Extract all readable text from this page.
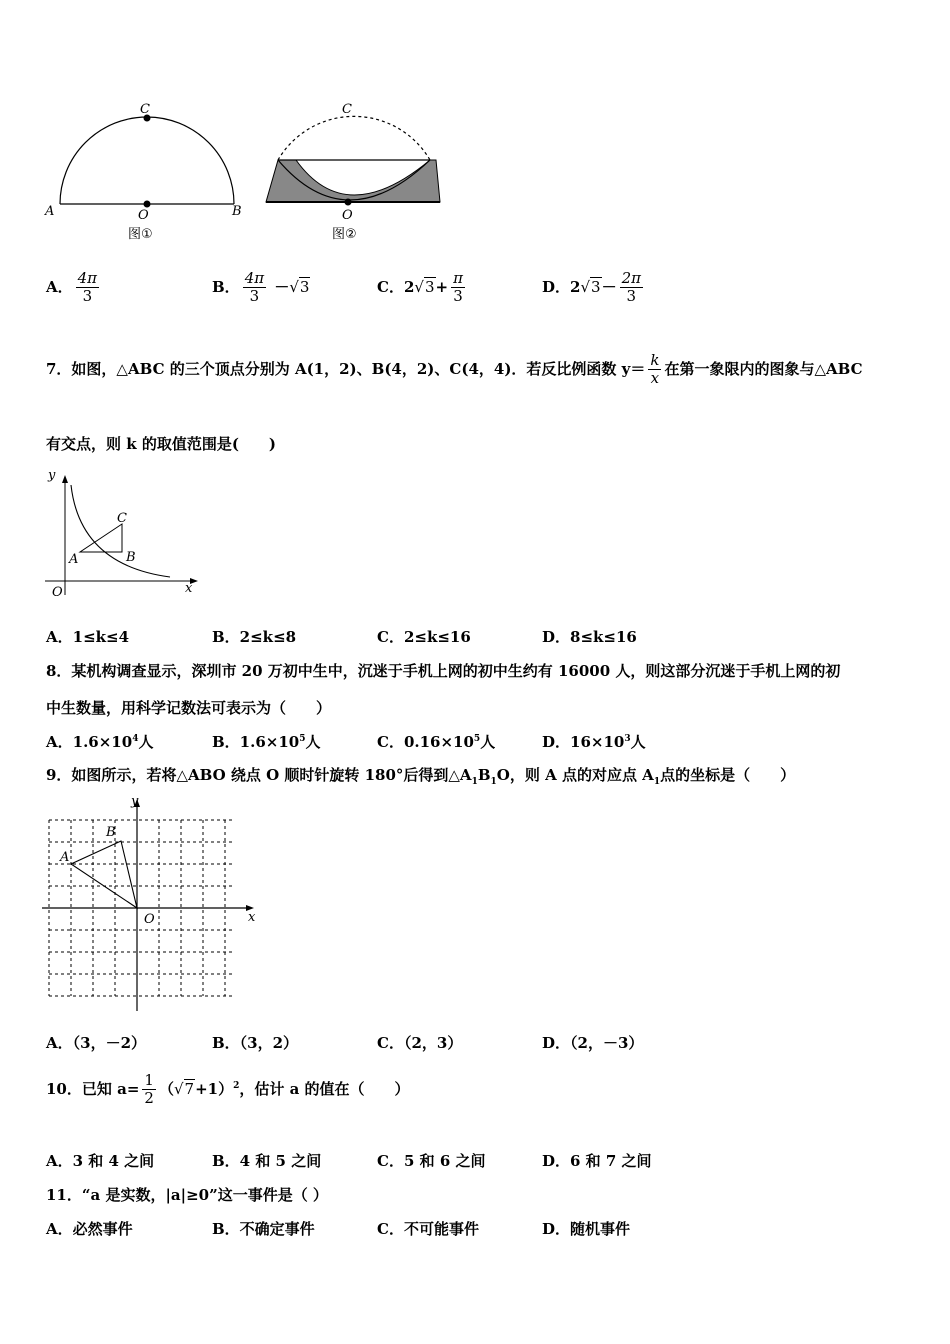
C
A	O	B
图①
C
O
图②
A． $\frac{4\pi}{3}$	B． $\frac{4\pi}{3} -√3$	C．$2√3+ \frac{\pi}{3}$	D．$2√3- \frac{2\pi}{3}$
7．如图，△ABC 的三个顶点分别为 A(1，2)、B(4，2)、C(4，4)．若反比例函数 $y= \frac{k}{x}$ 在第一象限内的图象与△ABC
有交点，则 k 的取值范围是(　　)
y
x
O
A	B
C
A．1≤k≤4	B．2≤k≤8	C．2≤k≤16	D．8≤k≤16
8．某机构调查显示，深圳市 20 万初中生中，沉迷于手机上网的初中生约有 16000 人，则这部分沉迷于手机上网的初
中生数量，用科学记数法可表示为（　　）
A．$1.6\times 10^4$人	B．$1.6\times 10^5$人	C．$0.16\times 10^5$人	D．$16\times 10^3$人
9．如图所示，若将△ABO 绕点 O 顺时针旋转 180°后得到$\triangle A_1B_1O$，则 A 点的对应点 $A_1$点的坐标是（　　）
y
x
O
A
B
A．（3，－2）	B．（3，2）	C．（2，3）	D．（2，－3）
10．已知 $a= \frac{1}{2} (√7+1)^2$，估计 a 的值在（　　）
A．3 和 4 之间	B．4 和 5 之间	C．5 和 6 之间	D．6 和 7 之间
11．“a 是实数，|a|≥0”这一事件是（ ）
A．必然事件	B．不确定事件	C．不可能事件	D．随机事件
